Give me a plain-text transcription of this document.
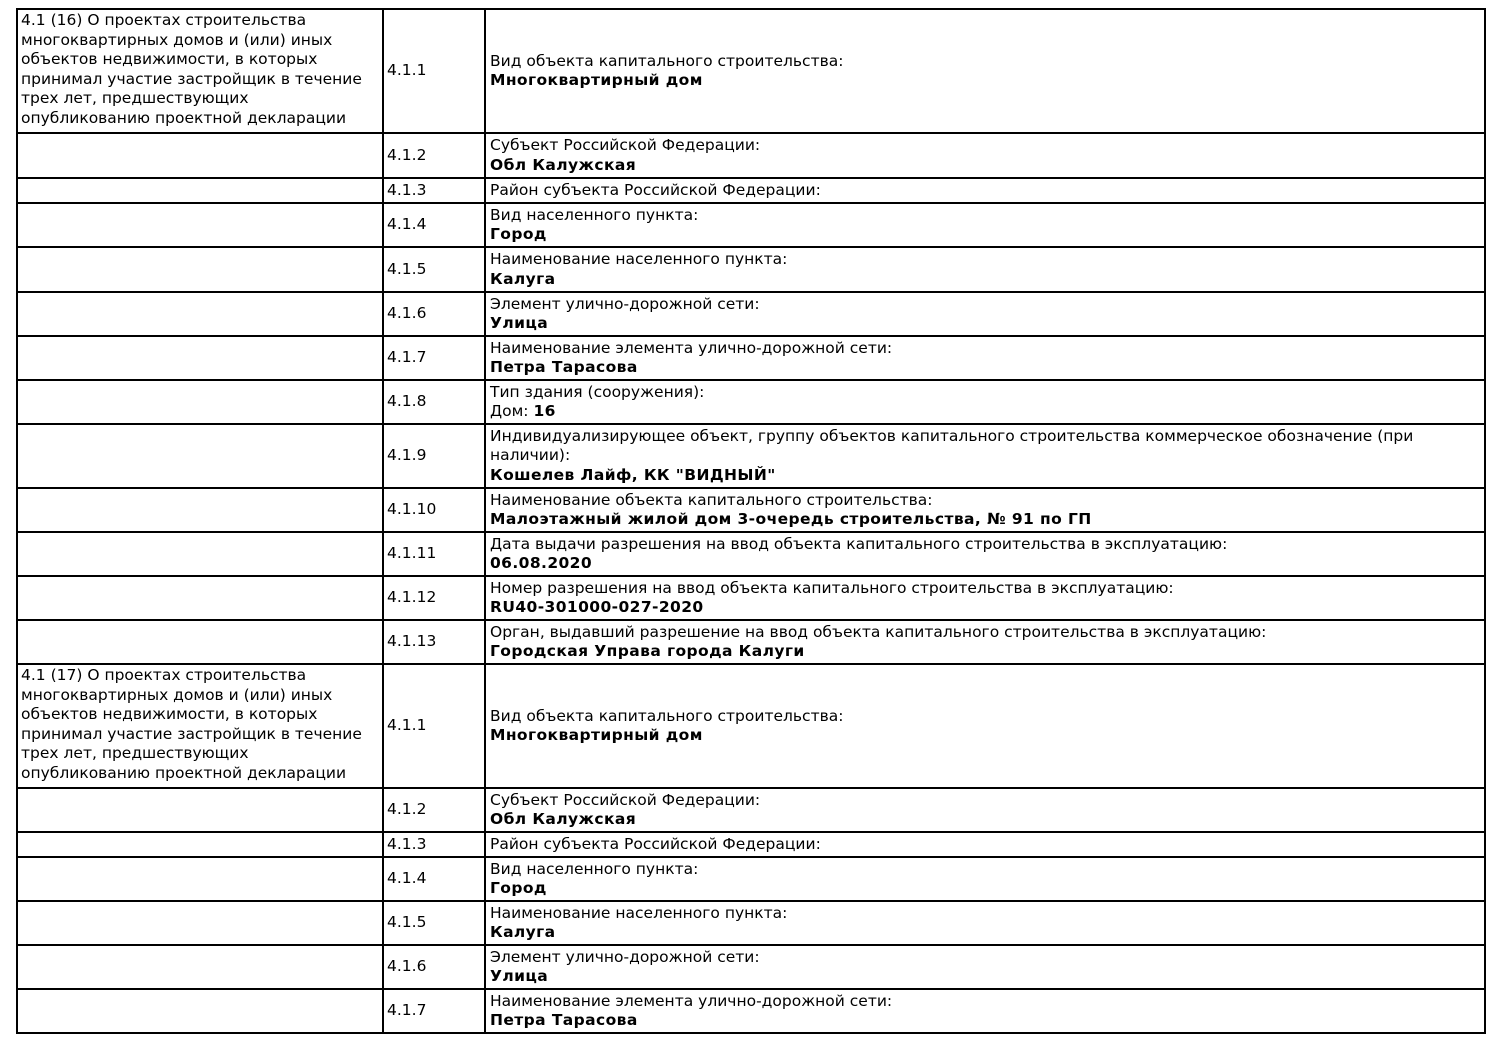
4.1 (16) О проектах строительства многоквартирных домов и (или) иных объектов недвижимости, в которых принимал участие застройщик в течение трех лет, предшествующих опубликованию проектной декларации	4.1.1	Вид объекта капитального строительства:
Многоквартирный дом

	4.1.2	Субъект Российской Федерации:
Обл Калужская

	4.1.3	Район субъекта Российской Федерации:

	4.1.4	Вид населенного пункта:
Город

	4.1.5	Наименование населенного пункта:
Калуга

	4.1.6	Элемент улично-дорожной сети:
Улица

	4.1.7	Наименование элемента улично-дорожной сети:
Петра Тарасова

	4.1.8	Тип здания (сооружения):
Дом: 16

	4.1.9	Индивидуализирующее объект, группу объектов капитального строительства коммерческое обозначение (при наличии):
Кошелев Лайф, КК "ВИДНЫЙ"

	4.1.10	Наименование объекта капитального строительства:
Малоэтажный жилой дом 3-очередь строительства, № 91 по ГП

	4.1.11	Дата выдачи разрешения на ввод объекта капитального строительства в эксплуатацию:
06.08.2020

	4.1.12	Номер разрешения на ввод объекта капитального строительства в эксплуатацию:
RU40-301000-027-2020

	4.1.13	Орган, выдавший разрешение на ввод объекта капитального строительства в эксплуатацию:
Городская Управа города Калуги

4.1 (17) О проектах строительства многоквартирных домов и (или) иных объектов недвижимости, в которых принимал участие застройщик в течение трех лет, предшествующих опубликованию проектной декларации	4.1.1	Вид объекта капитального строительства:
Многоквартирный дом

	4.1.2	Субъект Российской Федерации:
Обл Калужская

	4.1.3	Район субъекта Российской Федерации:

	4.1.4	Вид населенного пункта:
Город

	4.1.5	Наименование населенного пункта:
Калуга

	4.1.6	Элемент улично-дорожной сети:
Улица

	4.1.7	Наименование элемента улично-дорожной сети:
Петра Тарасова
